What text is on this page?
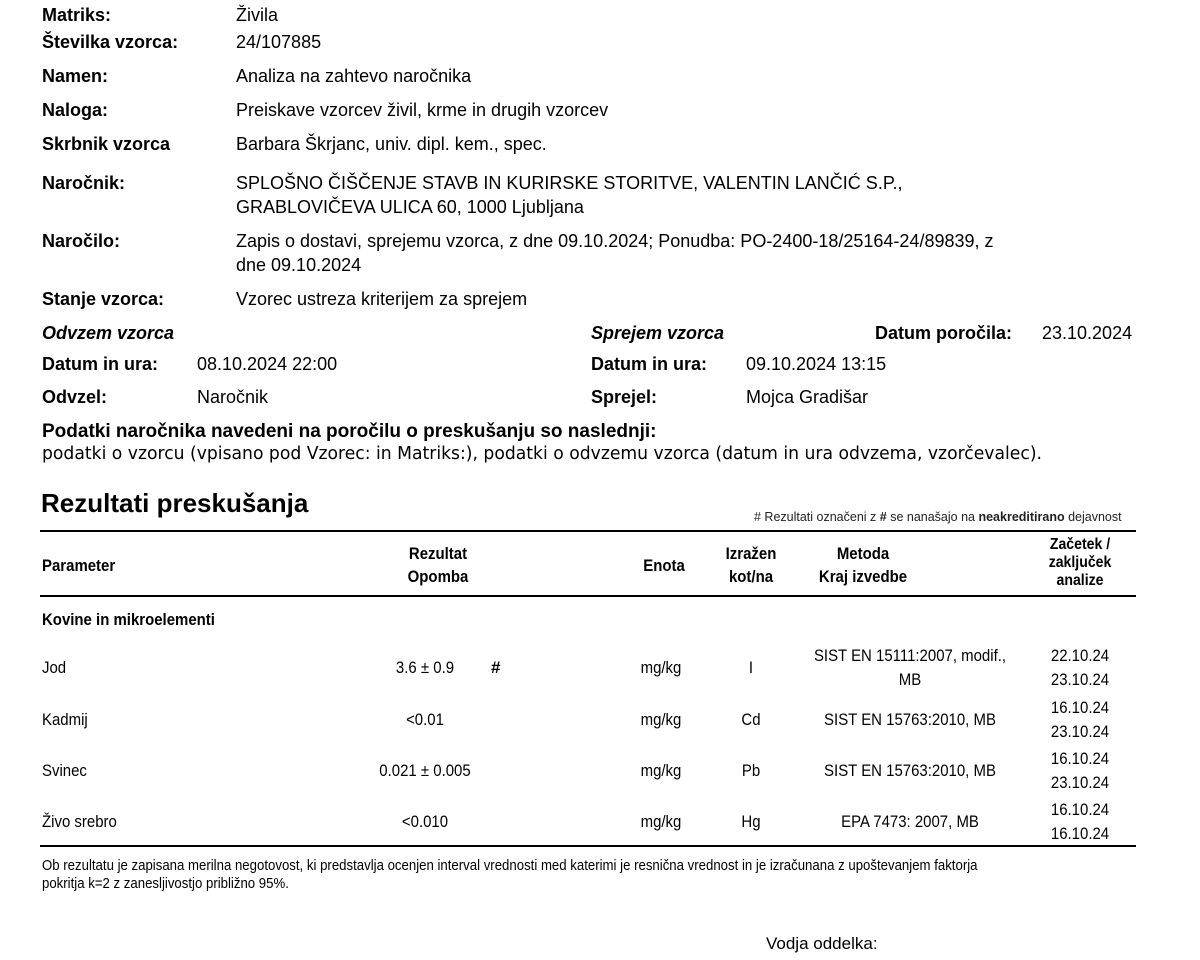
Matriks:	Živila
Številka vzorca:	24/107885
Namen:	Analiza na zahtevo naročnika
Naloga:	Preiskave vzorcev živil, krme in drugih vzorcev
Skrbnik vzorca	Barbara Škrjanc, univ. dipl. kem., spec.
Naročnik:	SPLOŠNO ČIŠČENJE STAVB IN KURIRSKE STORITVE, VALENTIN LANČIĆ S.P.,
GRABLOVIČEVA ULICA 60, 1000 Ljubljana
Naročilo:	Zapis o dostavi, sprejemu vzorca, z dne 09.10.2024; Ponudba: PO-2400-18/25164-24/89839, z
dne 09.10.2024
Stanje vzorca:	Vzorec ustreza kriterijem za sprejem
Odvzem vzorca	Sprejem vzorca	Datum poročila: 23.10.2024
Datum in ura: 08.10.2024 22:00	Datum in ura: 09.10.2024 13:15
Odvzel:	Naročnik	Sprejel:	Mojca Gradišar
Podatki naročnika navedeni na poročilu o preskušanju so naslednji:
podatki o vzorcu (vpisano pod Vzorec: in Matriks:), podatki o odvzemu vzorca (datum in ura odvzema, vzorčevalec).
Rezultati preskušanja	# Rezultati označeni z # se nanašajo na neakreditirano dejavnost
Parameter
Rezultat
Opomba
Enota
Izražen
kot/na
Metoda
Kraj izvedbe
Začetek /
zaključek
analize
Kovine in mikroelementi
Jod	3.6 ± 0.9	#	mg/kg	I
SIST EN 15111:2007, modif.,
MB
22.10.24
23.10.24
Kadmij	<0.01	mg/kg	Cd	SIST EN 15763:2010, MB
16.10.24
23.10.24
Svinec	0.021 ± 0.005	mg/kg	Pb	SIST EN 15763:2010, MB
16.10.24
23.10.24
Živo srebro	<0.010	mg/kg	Hg	EPA 7473: 2007, MB
16.10.24
16.10.24
Ob rezultatu je zapisana merilna negotovost, ki predstavlja ocenjen interval vrednosti med katerimi je resnična vrednost in je izračunana z upoštevanjem faktorja
pokritja k=2 z zanesljivostjo približno 95%.
Vodja oddelka:
